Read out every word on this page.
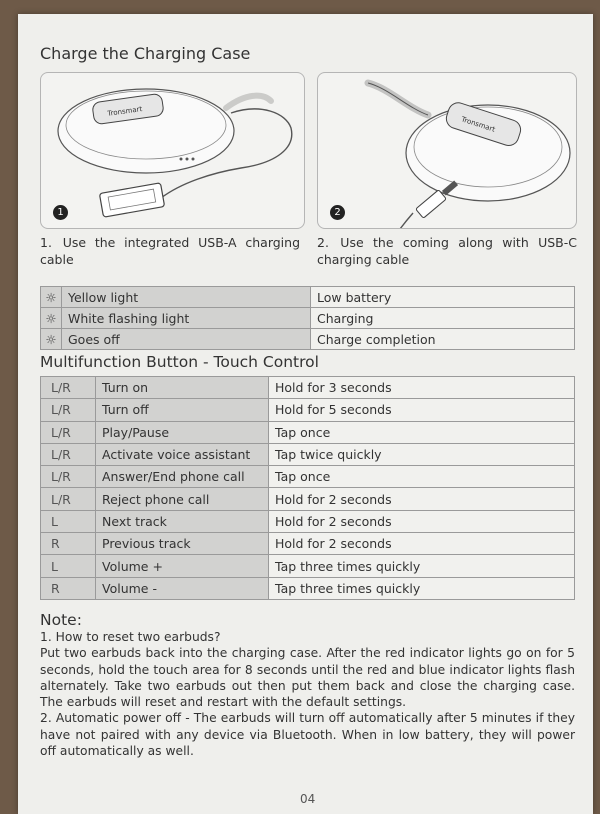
Charge the Charging Case
Tronsmart
1
Tronsmart
2
1. Use the integrated USB-A charging cable
2. Use the coming along with USB-C charging cable
☼	Yellow light	Low battery
☼	White flashing light	Charging
☼	Goes off	Charge completion
Multifunction Button - Touch Control
L/R	Turn on	Hold for 3 seconds
L/R	Turn off	Hold for 5 seconds
L/R	Play/Pause	Tap once
L/R	Activate voice assistant	Tap twice quickly
L/R	Answer/End phone call	Tap once
L/R	Reject phone call	Hold for 2 seconds
L	Next track	Hold for 2 seconds
R	Previous track	Hold for 2 seconds
L	Volume +	Tap three times quickly
R	Volume -	Tap three times quickly
Note:

1. How to reset two earbuds?

Put two earbuds back into the charging case. After the red indicator lights go on for 5 seconds, hold the touch area for 8 seconds until the red and blue indicator lights flash alternately. Take two earbuds out then put them back and close the charging case. The earbuds will reset and restart with the default settings.

2. Automatic power off - The earbuds will turn off automatically after 5 minutes if they have not paired with any device via Bluetooth. When in low battery, they will power off automatically as well.

04
